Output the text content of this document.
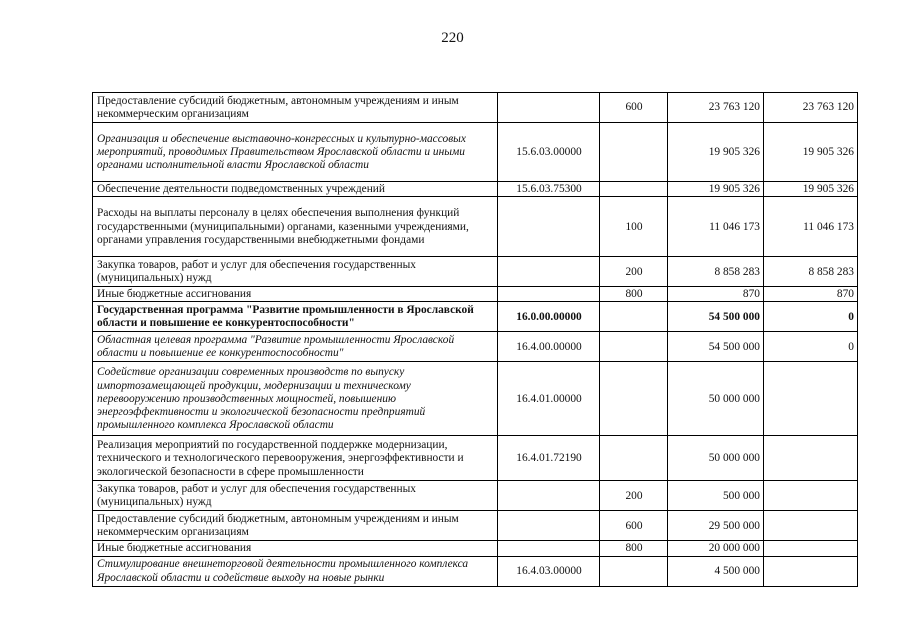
220
Предоставление субсидий бюджетным, автономным учреждениям и иным некоммерческим организациям		600	23 763 120	23 763 120
Организация и обеспечение выставочно-конгрессных и культурно-массовых мероприятий, проводимых Правительством Ярославской области и иными органами исполнительной власти Ярославской области	15.6.03.00000		19 905 326	19 905 326
Обеспечение деятельности подведомственных учреждений	15.6.03.75300		19 905 326	19 905 326
Расходы на выплаты персоналу в целях обеспечения выполнения функций государственными (муниципальными) органами, казенными учреждениями, органами управления государственными внебюджетными фондами		100	11 046 173	11 046 173
Закупка товаров, работ и услуг для обеспечения государственных (муниципальных) нужд		200	8 858 283	8 858 283
Иные бюджетные ассигнования		800	870	870
Государственная программа "Развитие промышленности в Ярославской области и повышение ее конкурентоспособности"	16.0.00.00000		54 500 000	0
Областная целевая программа "Развитие промышленности Ярославской области и повышение ее конкурентоспособности"	16.4.00.00000		54 500 000	0
Содействие организации современных производств по выпуску импортозамещающей продукции, модернизации и техническому перевооружению производственных мощностей, повышению энергоэффективности и экологической безопасности предприятий промышленного комплекса Ярославской области	16.4.01.00000		50 000 000	
Реализация мероприятий по государственной поддержке модернизации, технического и технологического перевооружения, энергоэффективности и экологической безопасности в сфере промышленности	16.4.01.72190		50 000 000	
Закупка товаров, работ и услуг для обеспечения государственных (муниципальных) нужд		200	500 000	
Предоставление субсидий бюджетным, автономным учреждениям и иным некоммерческим организациям		600	29 500 000	
Иные бюджетные ассигнования		800	20 000 000	
Стимулирование внешнеторговой деятельности промышленного комплекса Ярославской области и содействие выходу на новые рынки	16.4.03.00000		4 500 000	
